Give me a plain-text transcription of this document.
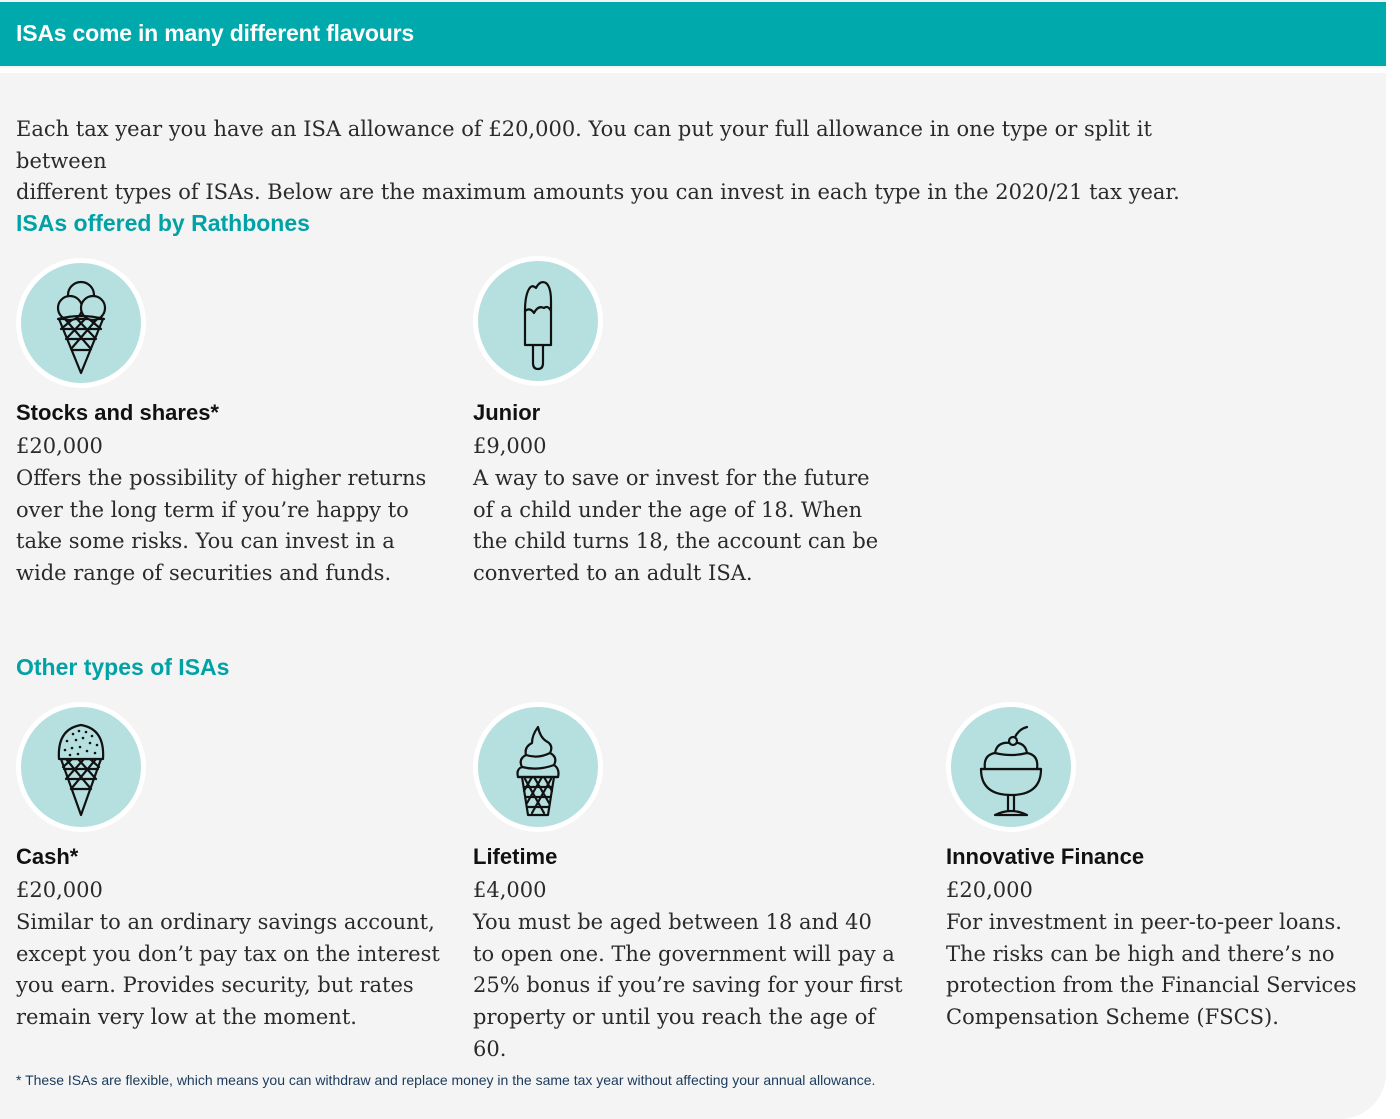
ISAs come in many different flavours
Each tax year you have an ISA allowance of £20,000. You can put your full allowance in one type or split it between
different types of ISAs. Below are the maximum amounts you can invest in each type in the 2020/21 tax year.
ISAs offered by Rathbones
Stocks and shares*
£20,000
Offers the possibility of higher returns
over the long term if you’re happy to
take some risks. You can invest in a
wide range of securities and funds.
Junior
£9,000
A way to save or invest for the future
of a child under the age of 18. When
the child turns 18, the account can be
converted to an adult ISA.
Other types of ISAs
Cash*
£20,000
Similar to an ordinary savings account,
except you don’t pay tax on the interest
you earn. Provides security, but rates
remain very low at the moment.
Lifetime
£4,000
You must be aged between 18 and 40
to open one. The government will pay a
25% bonus if you’re saving for your first
property or until you reach the age of 60.
Innovative Finance
£20,000
For investment in peer-to-peer loans.
The risks can be high and there’s no
protection from the Financial Services
Compensation Scheme (FSCS).
* These ISAs are flexible, which means you can withdraw and replace money in the same tax year without affecting your annual allowance.
